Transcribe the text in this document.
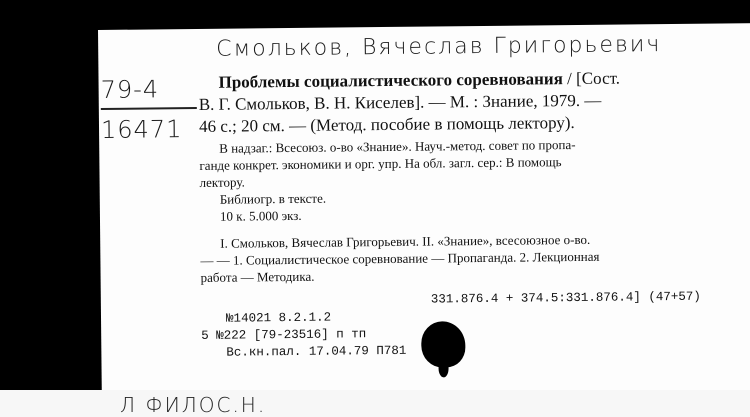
Смольков, Вячеслав Григорьевич
79-4
16471
Проблемы социалистического соревнования / [Сост.
В. Г. Смольков, В. Н. Киселев]. — М. : Знание, 1979. —
46 с.; 20 см. — (Метод. пособие в помощь лектору).
В надзаг.: Всесоюз. о-во «Знание». Науч.-метод. совет по пропа-
ганде конкрет. экономики и орг. упр. На обл. загл. сер.: В помощь
лектору.
Библиогр. в тексте.
10 к. 5.000 экз.
I. Смольков, Вячеслав Григорьевич. II. «Знание», всесоюзное о-во.
— — 1. Социалистическое соревнование — Пропаганда. 2. Лекционная
работа — Методика.
331.876.4 + 374.5:331.876.4] (47+57)
№14021 8.2.1.2
5 №222 [79-23516] п тп
Вс.кн.пал. 17.04.79 П781
Л ФИЛОС.Н.
